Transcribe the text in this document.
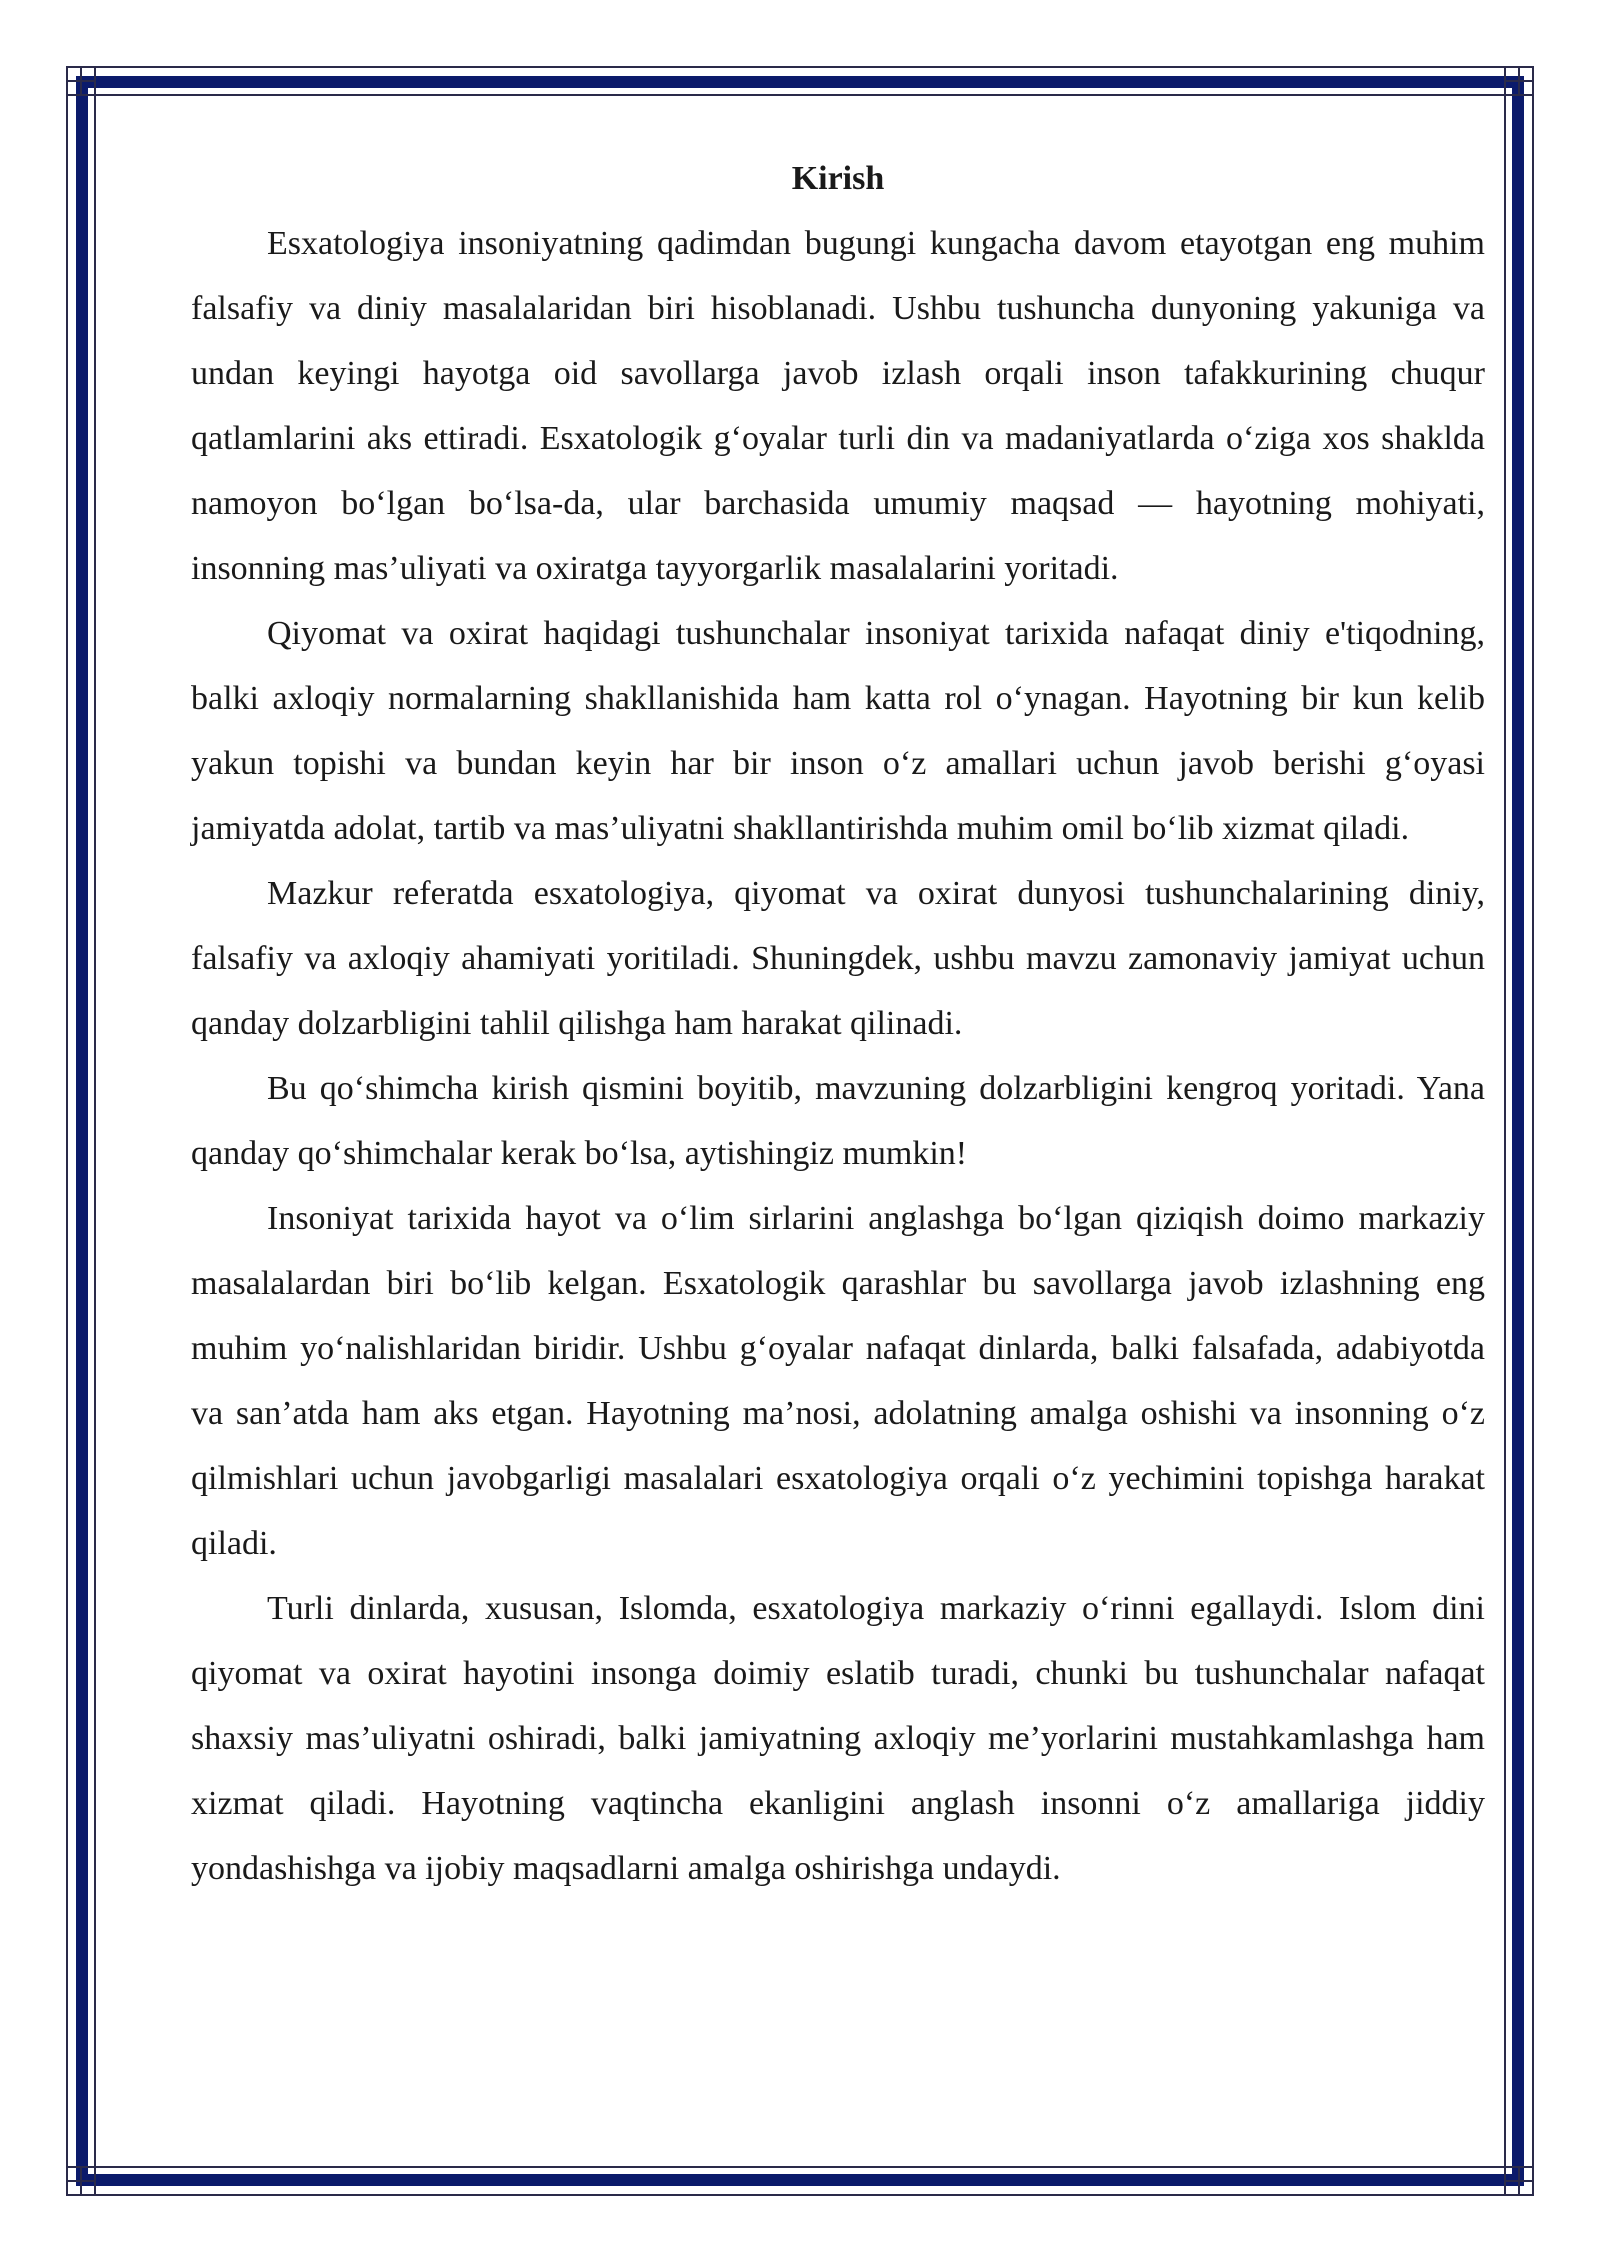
Kirish

Esxatologiya insoniyatning qadimdan bugungi kungacha davom etayotgan eng muhim falsafiy va diniy masalalaridan biri hisoblanadi. Ushbu tushuncha dunyoning yakuniga va undan keyingi hayotga oid savollarga javob izlash orqali inson tafakkurining chuqur qatlamlarini aks ettiradi. Esxatologik g‘oyalar turli din va madaniyatlarda o‘ziga xos shaklda namoyon bo‘lgan bo‘lsa-da, ular barchasida umumiy maqsad — hayotning mohiyati, insonning mas’uliyati va oxiratga tayyorgarlik masalalarini yoritadi.

Qiyomat va oxirat haqidagi tushunchalar insoniyat tarixida nafaqat diniy e'tiqodning, balki axloqiy normalarning shakllanishida ham katta rol o‘ynagan. Hayotning bir kun kelib yakun topishi va bundan keyin har bir inson o‘z amallari uchun javob berishi g‘oyasi jamiyatda adolat, tartib va mas’uliyatni shakllantirishda muhim omil bo‘lib xizmat qiladi.

Mazkur referatda esxatologiya, qiyomat va oxirat dunyosi tushunchalarining diniy, falsafiy va axloqiy ahamiyati yoritiladi. Shuningdek, ushbu mavzu zamonaviy jamiyat uchun qanday dolzarbligini tahlil qilishga ham harakat qilinadi.

Bu qo‘shimcha kirish qismini boyitib, mavzuning dolzarbligini kengroq yoritadi. Yana qanday qo‘shimchalar kerak bo‘lsa, aytishingiz mumkin!

Insoniyat tarixida hayot va o‘lim sirlarini anglashga bo‘lgan qiziqish doimo markaziy masalalardan biri bo‘lib kelgan. Esxatologik qarashlar bu savollarga javob izlashning eng muhim yo‘nalishlaridan biridir. Ushbu g‘oyalar nafaqat dinlarda, balki falsafada, adabiyotda va san’atda ham aks etgan. Hayotning ma’nosi, adolatning amalga oshishi va insonning o‘z qilmishlari uchun javobgarligi masalalari esxatologiya orqali o‘z yechimini topishga harakat qiladi.

Turli dinlarda, xususan, Islomda, esxatologiya markaziy o‘rinni egallaydi. Islom dini qiyomat va oxirat hayotini insonga doimiy eslatib turadi, chunki bu tushunchalar nafaqat shaxsiy mas’uliyatni oshiradi, balki jamiyatning axloqiy me’yorlarini mustahkamlashga ham xizmat qiladi. Hayotning vaqtincha ekanligini anglash insonni o‘z amallariga jiddiy yondashishga va ijobiy maqsadlarni amalga oshirishga undaydi.
